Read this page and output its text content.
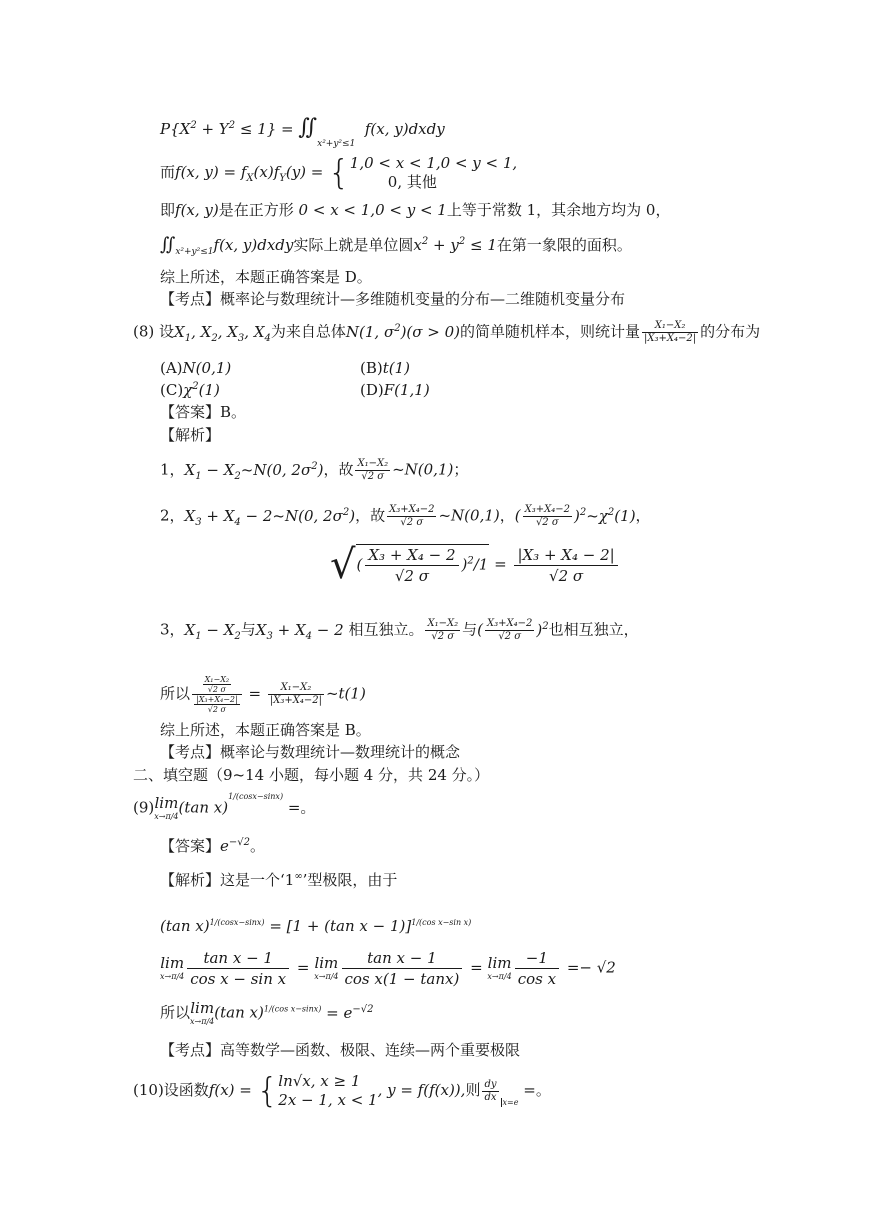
$P\{X^2 + Y^2 \le 1\}$ = $∬_{x^2+y^2\le 1}$  f(x, y)dxdy
而f(x, $y) = f_X(x)f_Y(y)$ = { 1,0 < x < 1,0 < y < 1,
0, 其他
即f(x, y)是在正方形 0 < x < 1,0 < y < 1上等于常数 1，其余地方均为 0，
$∬_{x^2+y^2\le 1}f(x$, y)dxdy实际上就是单位圆$x^2 + y^2 \le 1$在第一象限的面积。
综上所述，本题正确答案是 D。
【考点】概率论与数理统计—多维随机变量的分布—二维随机变量分布
(8) 设$X_1$, $X_2$, $X_3$, $X_4$为来自总体N(1, $\sigma^2)(\sigma > 0)$的简单随机样本，则统计量 $\frac{\text{X₁−X₂}}{\text{|X₃+X₄−2|}}$ 的分布为
(A)N(0,1)	(B)t(1)
$(C)\chi^2(1)$	(D)F(1,1)
【答案】B。
【解析】
1，$X_1$ − $X_2\sim N(0$, $2\sigma^2$)，故 $\frac{\text{X₁−X₂}}{√2 \sigma}$ ~N(0,1)；
2，$X_3 + X_4$ − 2~N(0, $2\sigma^2$)，故 $\frac{\text{X₃+X₄−2}}{√2 \sigma}$ ~N(0,1)，( $\frac{\text{X₃+X₄−2}}{√2 \sigma}$ )$^2\sim\chi^2(1)$，
√( $\frac{\text{X₃ + X₄ − 2}}{√2 \sigma} )^2/1 = \frac{\text{|X₃ + X₄ − 2|}}{√2 \sigma}$
3，$X_1 - X_2$与$X_3 + X_4 - 2$ 相互独立。 $\frac{\text{X₁−X₂}}{√2 \sigma}$ 与( $\frac{\text{X₃+X₄−2}}{√2 \sigma} )^2$也相互独立，
所以 $\frac{\frac{\text{X₁−X₂}}{√2 \sigma}}{\frac{\text{|X₃+X₄−2|}}{√2 \sigma}} = \frac{\text{X₁−X₂}}{\text{|X₃+X₄−2|}}$ ~t(1)
综上所述，本题正确答案是 B。
【考点】概率论与数理统计—数理统计的概念
二、填空题（9~14 小题，每小题 4 分，共 24 分。）
(9) lim
x→π/4 (tan x)$^{1/(cosx-sinx)}$ =。
【答案】$e^{-√2}$。
【解析】这是一个‘1∞’型极限，由于
(tan x)$^{1/(cosx-sinx)}$ = [1 + (tan x − 1)]$^{1/(cos x-sin x)}$
lim
$x\to\pi/4 \frac{\text{tan x − 1}}{\text{cos x − sin x}} = \lim$
$x\to\pi/4 \frac{\text{tan x − 1}}{\text{cos x(1 − tanx)}} = \lim$
$x\to\pi/4 \frac{-1}{\text{cos x}} =- √2$
所以 lim
x→π/4 (tan $x)^{1/(cos x-sinx)} = e^{-√2}$
【考点】高等数学—函数、极限、连续—两个重要极限
(10)设函数f(x) = { ln√x, x ≥ 1
2x − 1, x < 1
, y = f(f(x)),则 $\frac{dy}{dx} _{x=e}$ =。
